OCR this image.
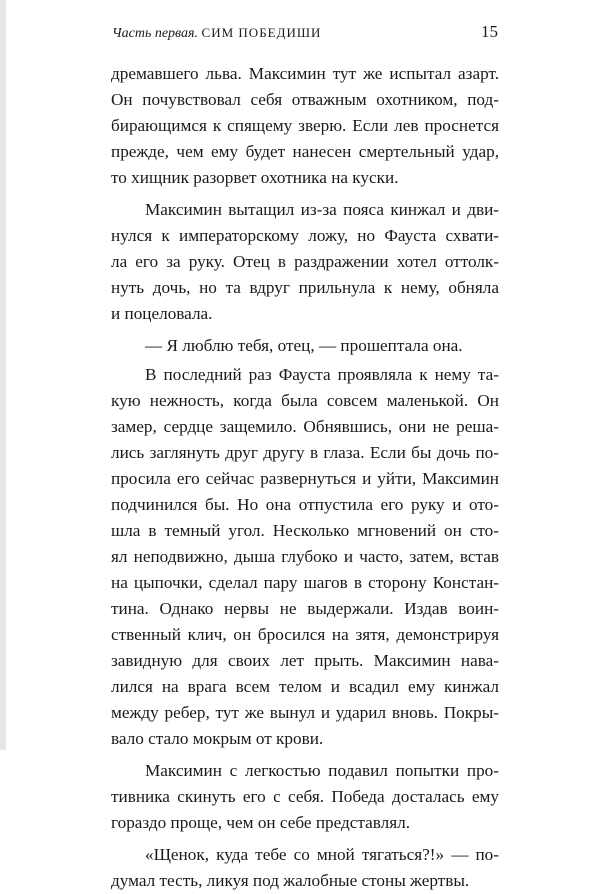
Часть первая. СИМ ПОБЕДИШИ	15
дремавшего льва. Максимин тут же испытал азарт.
Он почувствовал себя отважным охотником, под-
бирающимся к спящему зверю. Если лев проснется
прежде, чем ему будет нанесен смертельный удар,
то хищник разорвет охотника на куски.
Максимин вытащил из-за пояса кинжал и дви-
нулся к императорскому ложу, но Фауста схвати-
ла его за руку. Отец в раздражении хотел оттолк-
нуть дочь, но та вдруг прильнула к нему, обняла
и поцеловала.
— Я люблю тебя, отец, — прошептала она.
В последний раз Фауста проявляла к нему та-
кую нежность, когда была совсем маленькой. Он
замер, сердце защемило. Обнявшись, они не реша-
лись заглянуть друг другу в глаза. Если бы дочь по-
просила его сейчас развернуться и уйти, Максимин
подчинился бы. Но она отпустила его руку и ото-
шла в темный угол. Несколько мгновений он сто-
ял неподвижно, дыша глубоко и часто, затем, встав
на цыпочки, сделал пару шагов в сторону Констан-
тина. Однако нервы не выдержали. Издав воин-
ственный клич, он бросился на зятя, демонстрируя
завидную для своих лет прыть. Максимин нава-
лился на врага всем телом и всадил ему кинжал
между ребер, тут же вынул и ударил вновь. Покры-
вало стало мокрым от крови.
Максимин с легкостью подавил попытки про-
тивника скинуть его с себя. Победа досталась ему
гораздо проще, чем он себе представлял.
«Щенок, куда тебе со мной тягаться?!» — по-
думал тесть, ликуя под жалобные стоны жертвы.
